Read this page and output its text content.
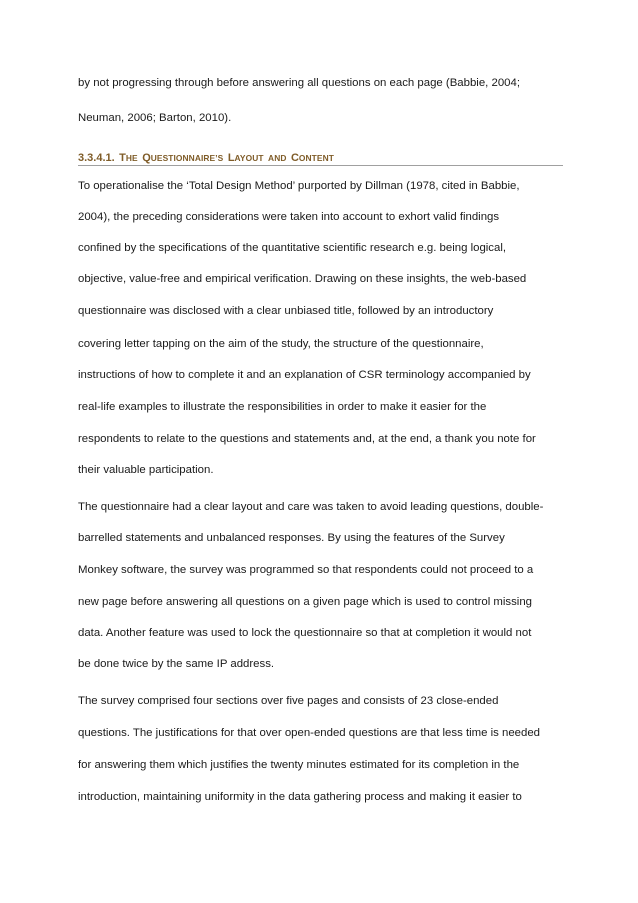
by not progressing through before answering all questions on each page (Babbie, 2004;
Neuman, 2006; Barton, 2010).
3.3.4.1. THE QUESTIONNAIRE’S LAYOUT AND CONTENT
To operationalise the ‘Total Design Method’ purported by Dillman (1978, cited in Babbie,
2004), the preceding considerations were taken into account to exhort valid findings
confined by the specifications of the quantitative scientific research e.g. being logical,
objective, value-free and empirical verification. Drawing on these insights, the web-based
questionnaire was disclosed with a clear unbiased title, followed by an introductory
covering letter tapping on the aim of the study, the structure of the questionnaire,
instructions of how to complete it and an explanation of CSR terminology accompanied by
real-life examples to illustrate the responsibilities in order to make it easier for the
respondents to relate to the questions and statements and, at the end, a thank you note for
their valuable participation.
The questionnaire had a clear layout and care was taken to avoid leading questions, double-
barrelled statements and unbalanced responses. By using the features of the Survey
Monkey software, the survey was programmed so that respondents could not proceed to a
new page before answering all questions on a given page which is used to control missing
data. Another feature was used to lock the questionnaire so that at completion it would not
be done twice by the same IP address.
The survey comprised four sections over five pages and consists of 23 close-ended
questions. The justifications for that over open-ended questions are that less time is needed
for answering them which justifies the twenty minutes estimated for its completion in the
introduction, maintaining uniformity in the data gathering process and making it easier to
